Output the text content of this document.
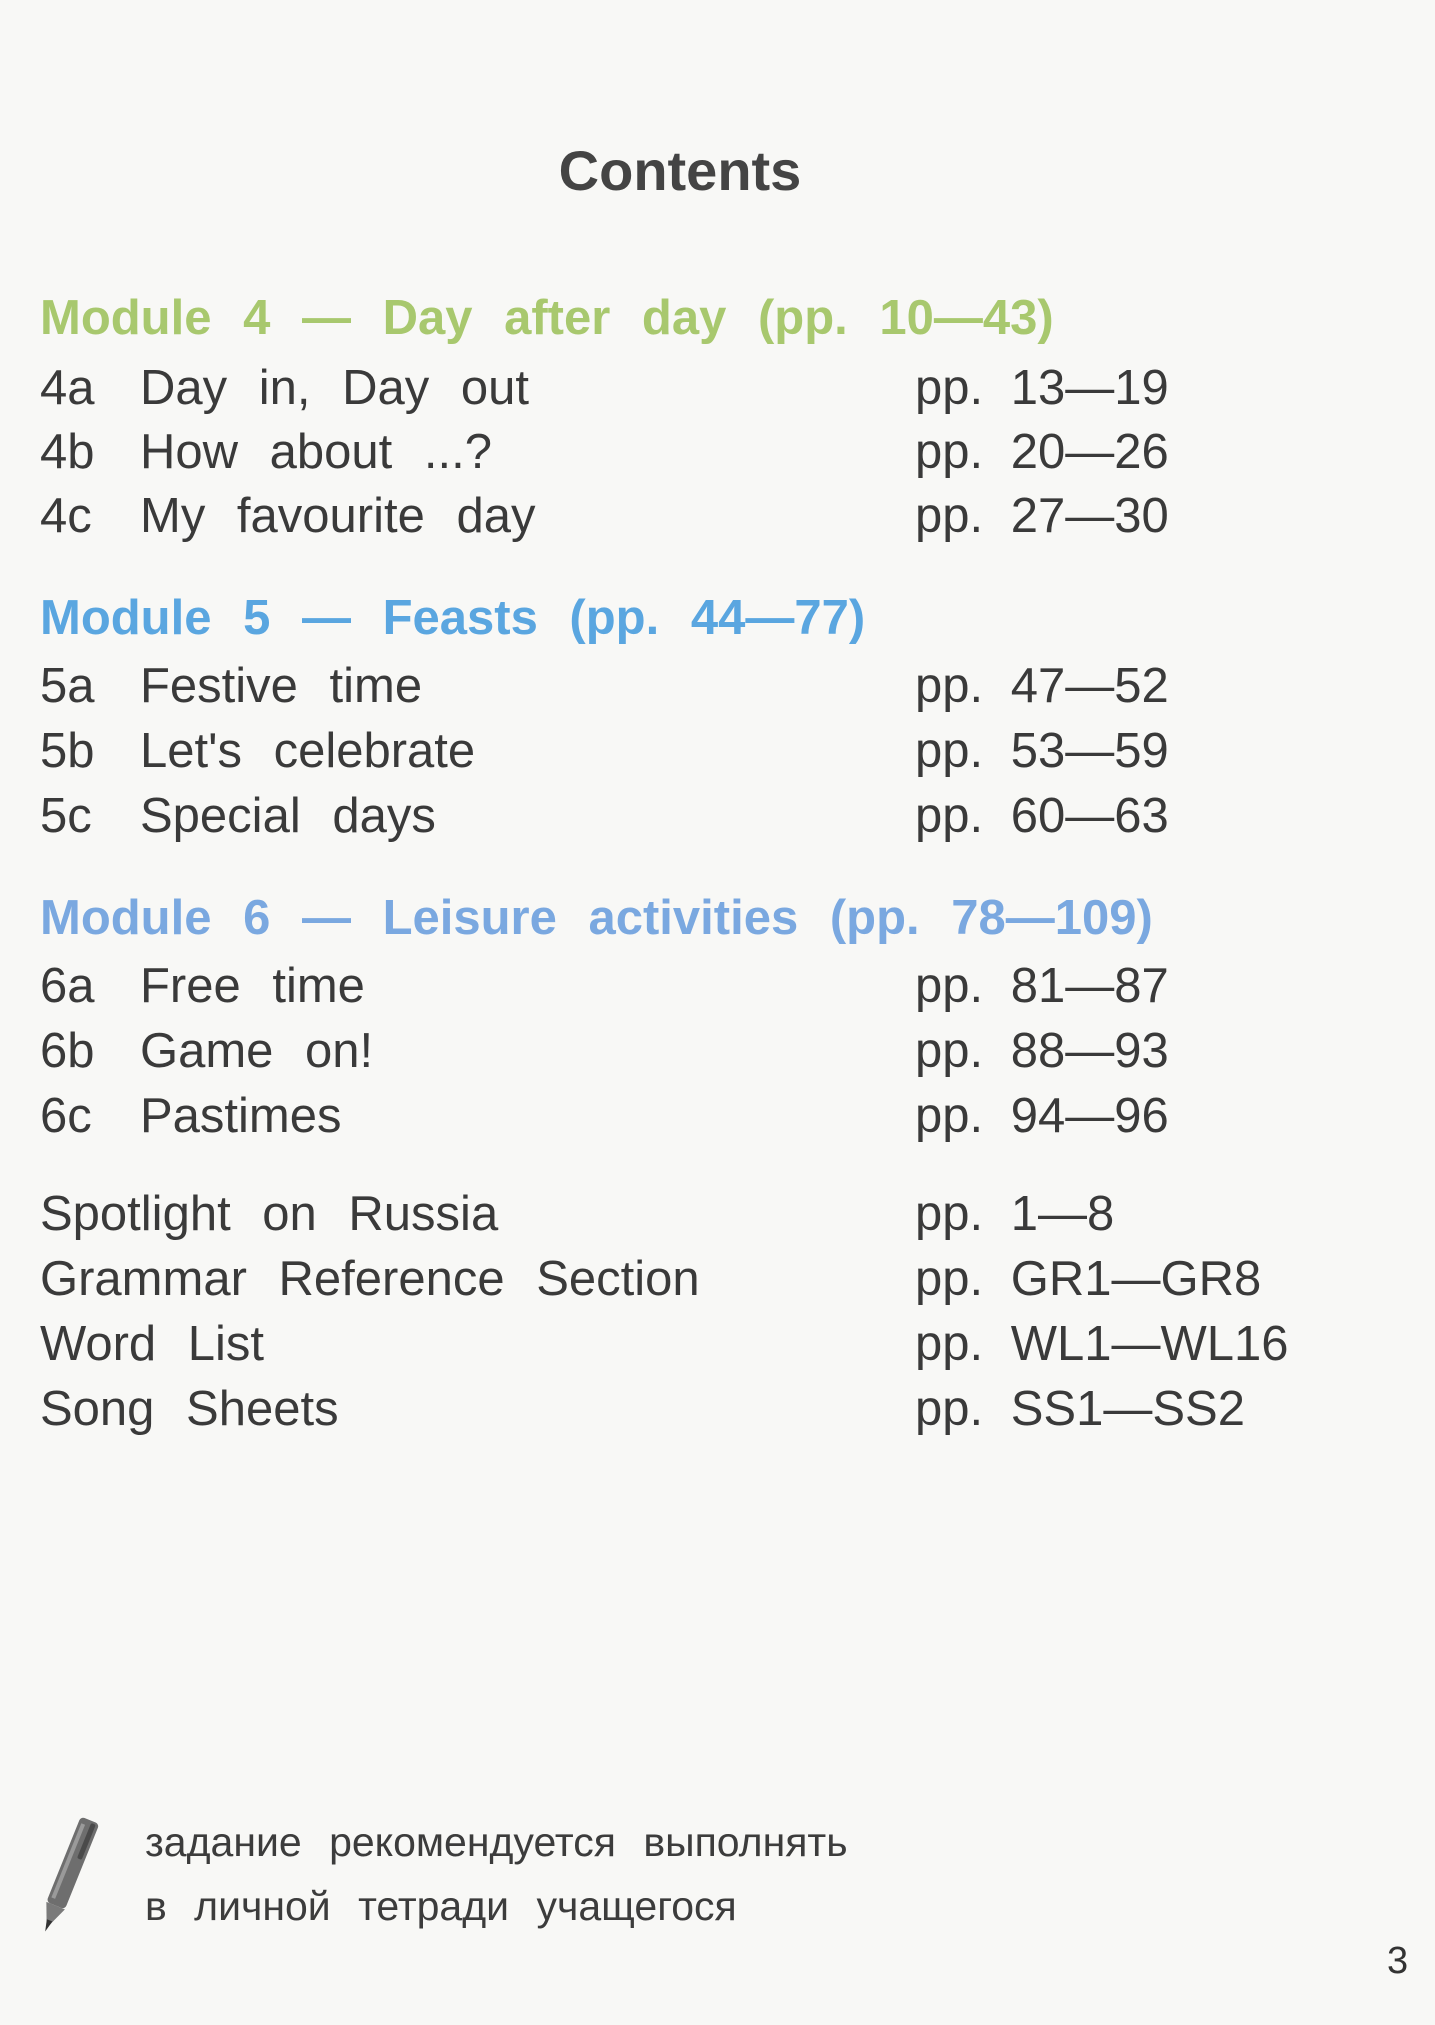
Contents
Module 4 — Day after day (pp. 10—43)
4a Day in, Day out	pp. 13—19
4b How about ...?	pp. 20—26
4c My favourite day	pp. 27—30
Module 5 — Feasts (pp. 44—77)
5a Festive time	pp. 47—52
5b Let's celebrate	pp. 53—59
5c Special days	pp. 60—63
Module 6 — Leisure activities (pp. 78—109)
6a Free time	pp. 81—87
6b Game on!	pp. 88—93
6c Pastimes	pp. 94—96
Spotlight on Russia	pp. 1—8
Grammar Reference Section	pp. GR1—GR8
Word List	pp. WL1—WL16
Song Sheets	pp. SS1—SS2
задание рекомендуется выполнять
в личной тетради учащегося
3
